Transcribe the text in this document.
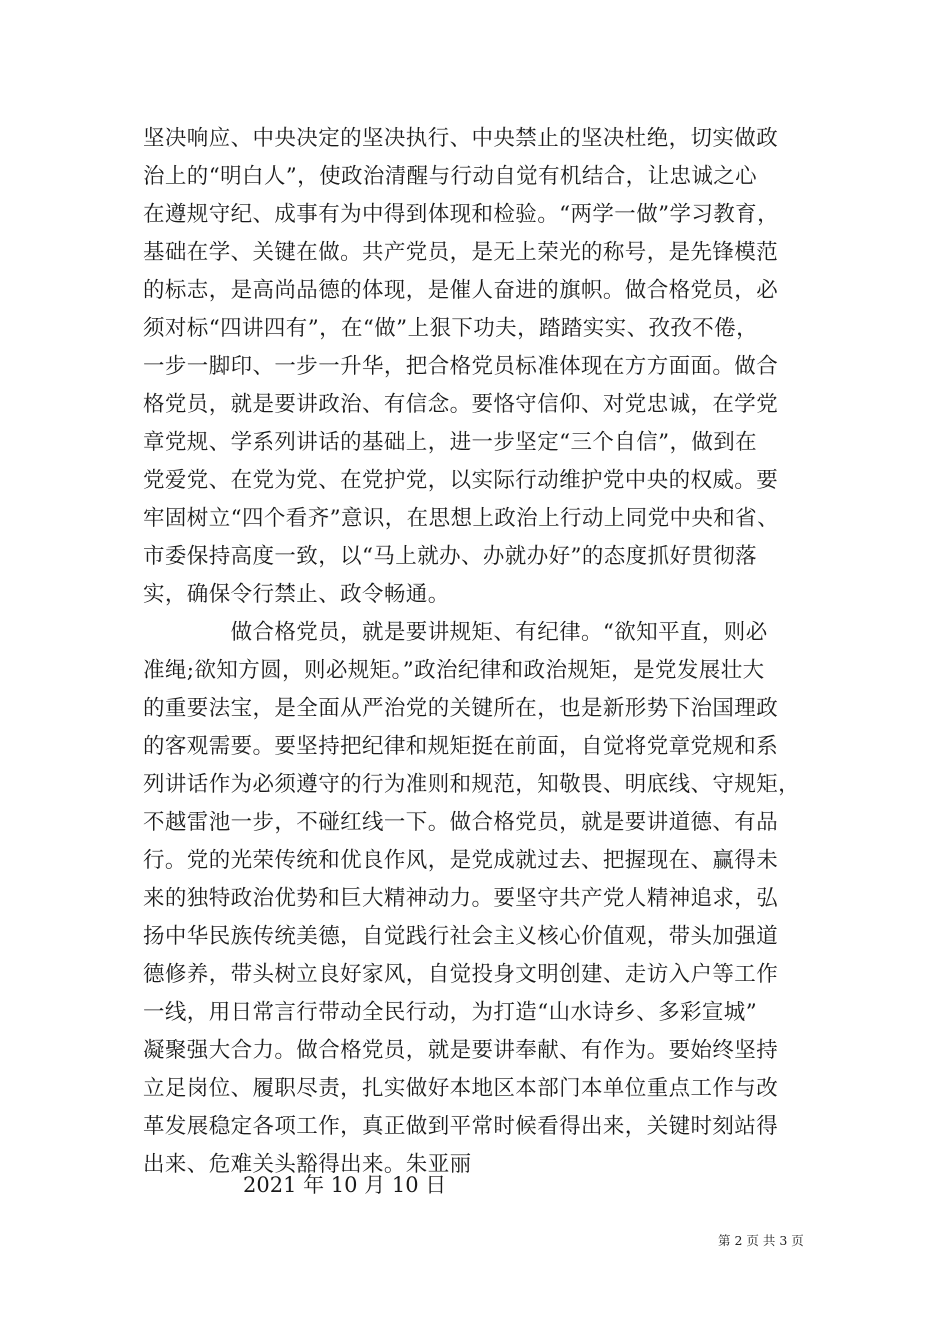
坚决响应、中央决定的坚决执行、中央禁止的坚决杜绝，切实做政
治上的“明白人”，使政治清醒与行动自觉有机结合，让忠诚之心
在遵规守纪、成事有为中得到体现和检验。“两学一做”学习教育，
基础在学、关键在做。共产党员，是无上荣光的称号，是先锋模范
的标志，是高尚品德的体现，是催人奋进的旗帜。做合格党员，必
须对标“四讲四有”，在“做”上狠下功夫，踏踏实实、孜孜不倦，
一步一脚印、一步一升华，把合格党员标准体现在方方面面。做合
格党员，就是要讲政治、有信念。要恪守信仰、对党忠诚，在学党
章党规、学系列讲话的基础上，进一步坚定“三个自信”，做到在
党爱党、在党为党、在党护党，以实际行动维护党中央的权威。要
牢固树立“四个看齐”意识，在思想上政治上行动上同党中央和省、
市委保持高度一致，以“马上就办、办就办好”的态度抓好贯彻落
实，确保令行禁止、政令畅通。
　　　　做合格党员，就是要讲规矩、有纪律。“欲知平直，则必
准绳;欲知方圆，则必规矩。”政治纪律和政治规矩，是党发展壮大
的重要法宝，是全面从严治党的关键所在，也是新形势下治国理政
的客观需要。要坚持把纪律和规矩挺在前面，自觉将党章党规和系
列讲话作为必须遵守的行为准则和规范，知敬畏、明底线、守规矩，
不越雷池一步，不碰红线一下。做合格党员，就是要讲道德、有品
行。党的光荣传统和优良作风，是党成就过去、把握现在、赢得未
来的独特政治优势和巨大精神动力。要坚守共产党人精神追求，弘
扬中华民族传统美德，自觉践行社会主义核心价值观，带头加强道
德修养，带头树立良好家风，自觉投身文明创建、走访入户等工作
一线，用日常言行带动全民行动，为打造“山水诗乡、多彩宣城”
凝聚强大合力。做合格党员，就是要讲奉献、有作为。要始终坚持
立足岗位、履职尽责，扎实做好本地区本部门本单位重点工作与改
革发展稳定各项工作，真正做到平常时候看得出来，关键时刻站得
出来、危难关头豁得出来。朱亚丽
2021 年 10 月 10 日
第 2 页 共 3 页
